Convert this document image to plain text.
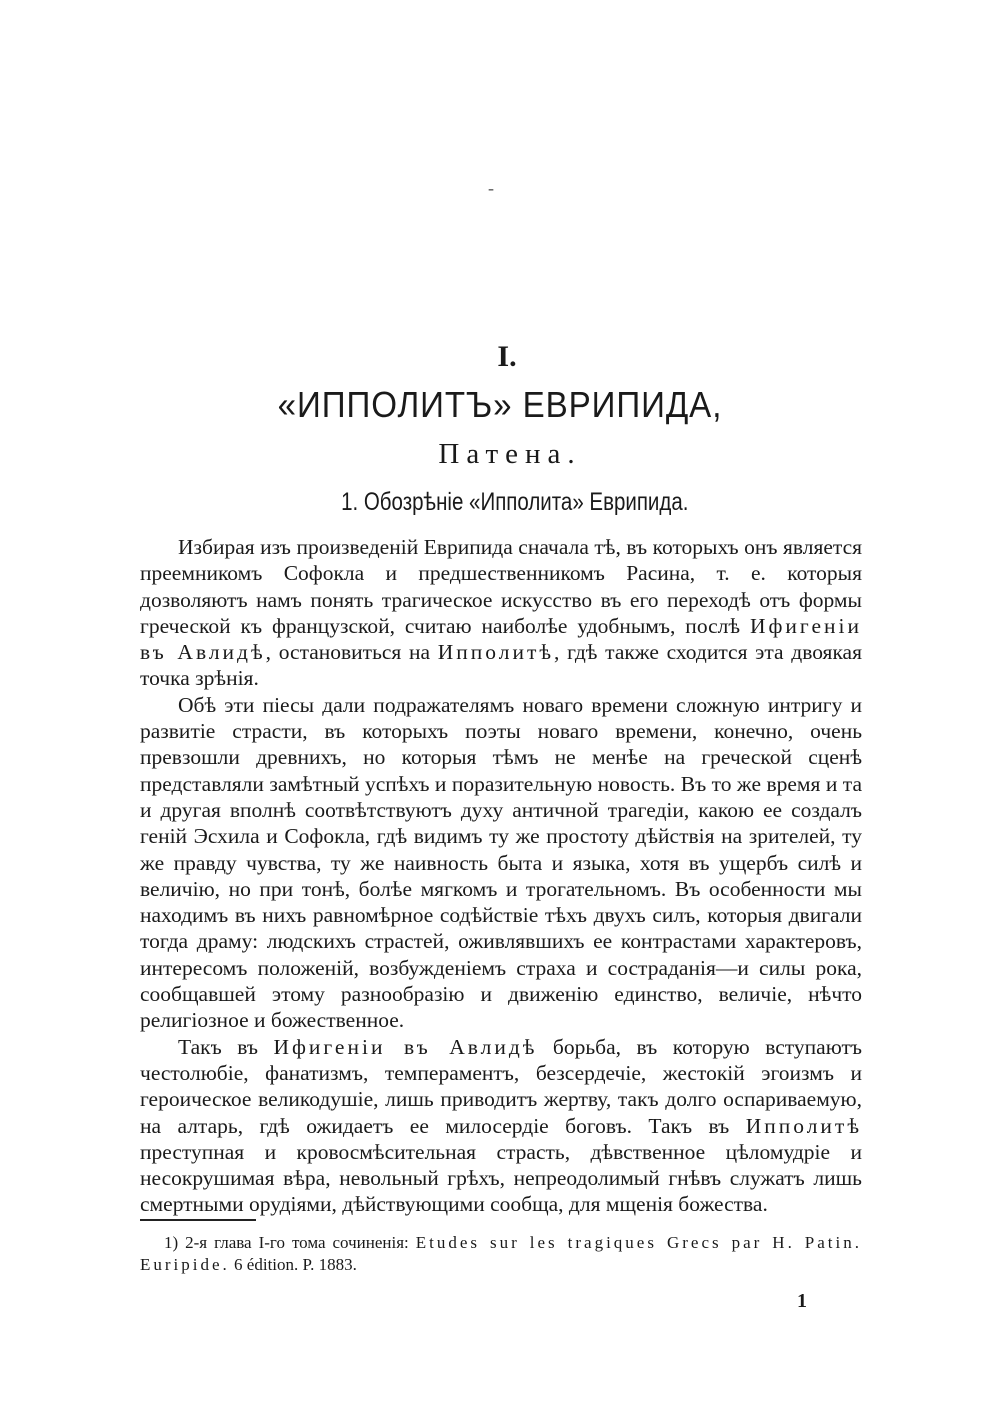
-
I.
«ИППОЛИТЪ» ЕВРИПИДА,
Патена.
1. Обозрѣніе «Ипполита» Еврипида.

Избирая изъ произведеній Еврипида сначала тѣ, въ которыхъ онъ является преемникомъ Софокла и предшественникомъ Расина, т. е. которыя дозволяютъ намъ понять трагическое искусство въ его переходѣ отъ формы греческой къ французской, считаю наиболѣе удобнымъ, послѣ Ифигеніи въ Авлидѣ, остановиться на Ипполитѣ, гдѣ также сходится эта двоякая точка зрѣнія.

Обѣ эти піесы дали подражателямъ новаго времени сложную интригу и развитіе страсти, въ которыхъ поэты новаго времени, конечно, очень превзошли древнихъ, но которыя тѣмъ не менѣе на греческой сценѣ представляли замѣтный успѣхъ и поразительную новость. Въ то же время и та и другая вполнѣ соотвѣтствуютъ духу античной трагедіи, какою ее создалъ геній Эсхила и Софокла, гдѣ видимъ ту же простоту дѣйствія на зрителей, ту же правду чувства, ту же наивность быта и языка, хотя въ ущербъ силѣ и величію, но при тонѣ, болѣе мягкомъ и трогательномъ. Въ особенности мы находимъ въ нихъ равномѣрное содѣйствіе тѣхъ двухъ силъ, которыя двигали тогда драму: людскихъ страстей, оживлявшихъ ее контрастами характеровъ, интересомъ положеній, возбужденіемъ страха и состраданія—и силы рока, сообщавшей этому разнообразію и движенію единство, величіе, нѣчто религіозное и божественное.

Такъ въ Ифигеніи въ Авлидѣ борьба, въ которую вступаютъ честолюбіе, фанатизмъ, темпераментъ, безсердечіе, жестокій эгоизмъ и героическое великодушіе, лишь приводитъ жертву, такъ долго оспариваемую, на алтарь, гдѣ ожидаетъ ее милосердіе боговъ. Такъ въ Ипполитѣ преступная и кровосмѣсительная страсть, дѣвственное цѣломудріе и несокрушимая вѣра, невольный грѣхъ, непреодолимый гнѣвъ служатъ лишь смертными орудіями, дѣйствующими сообща, для мщенія божества.

1) 2-я глава I-го тома сочиненія: Etudes sur les tragiques Grecs par H. Patin. Euripide. 6 édition. P. 1883.
1
